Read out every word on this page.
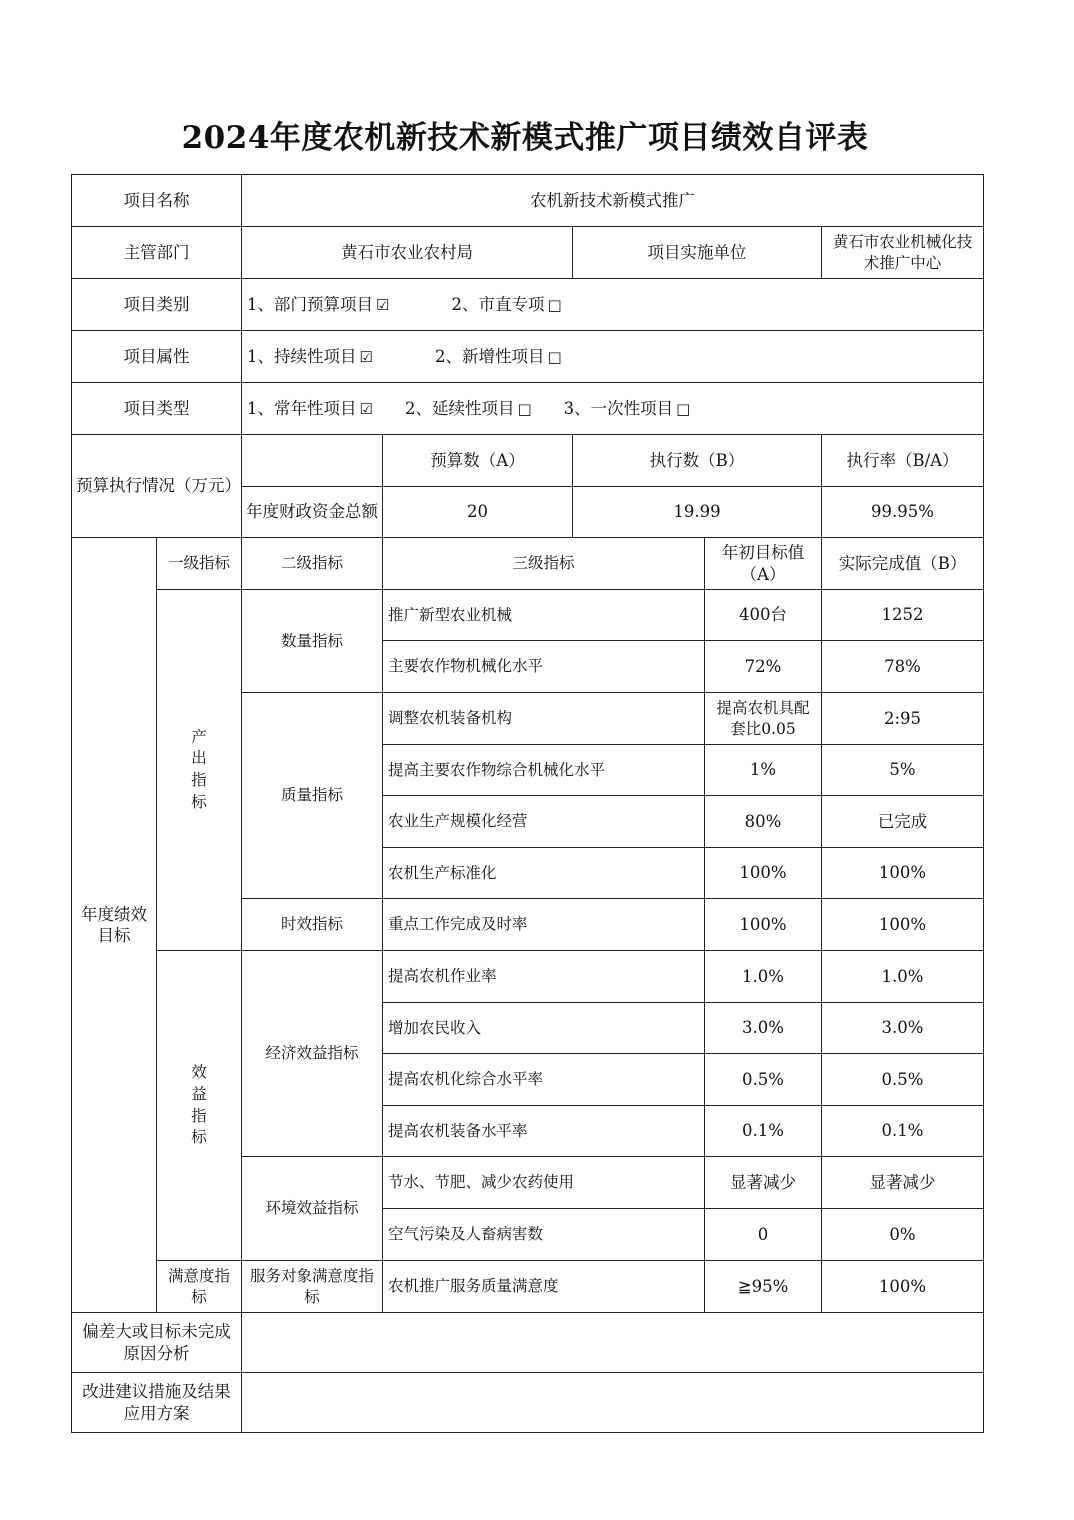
2024年度农机新技术新模式推广项目绩效自评表
项目名称		农机新技术新模式推广				
主管部门		黄石市农业农村局		项目实施单位		黄石市农业机械化技术推广中心
项目类别		1、部门预算项目 ☑ 2、市直专项 □				
项目属性		1、持续性项目 ☑ 2、新增性项目 □				
项目类型		1、常年性项目 ☑ 2、延续性项目 □ 3、一次性项目 □				
预算执行情况（万元）			预算数（A）	执行数（B）		执行率（B/A）
		年度财政资金总额	20	19.99		99.95%
年度绩效目标	一级指标	二级指标	三级指标		年初目标值（A）	实际完成值（B）
	产出指标	数量指标	推广新型农业机械		400台	1252
			主要农作物机械化水平		72%	78%
		质量指标	调整农机装备机构		提高农机具配套比0.05	2:95
			提高主要农作物综合机械化水平		1%	5%
			农业生产规模化经营		80%	已完成
			农机生产标准化		100%	100%
		时效指标	重点工作完成及时率		100%	100%
	效益指标	经济效益指标	提高农机作业率		1.0%	1.0%
			增加农民收入		3.0%	3.0%
			提高农机化综合水平率		0.5%	0.5%
			提高农机装备水平率		0.1%	0.1%
		环境效益指标	节水、节肥、减少农药使用		显著减少	显著减少
			空气污染及人畜病害数		0	0%
	满意度指标	服务对象满意度指标	农机推广服务质量满意度		≧95%	100%
偏差大或目标未完成原因分析						
改进建议措施及结果应用方案						
